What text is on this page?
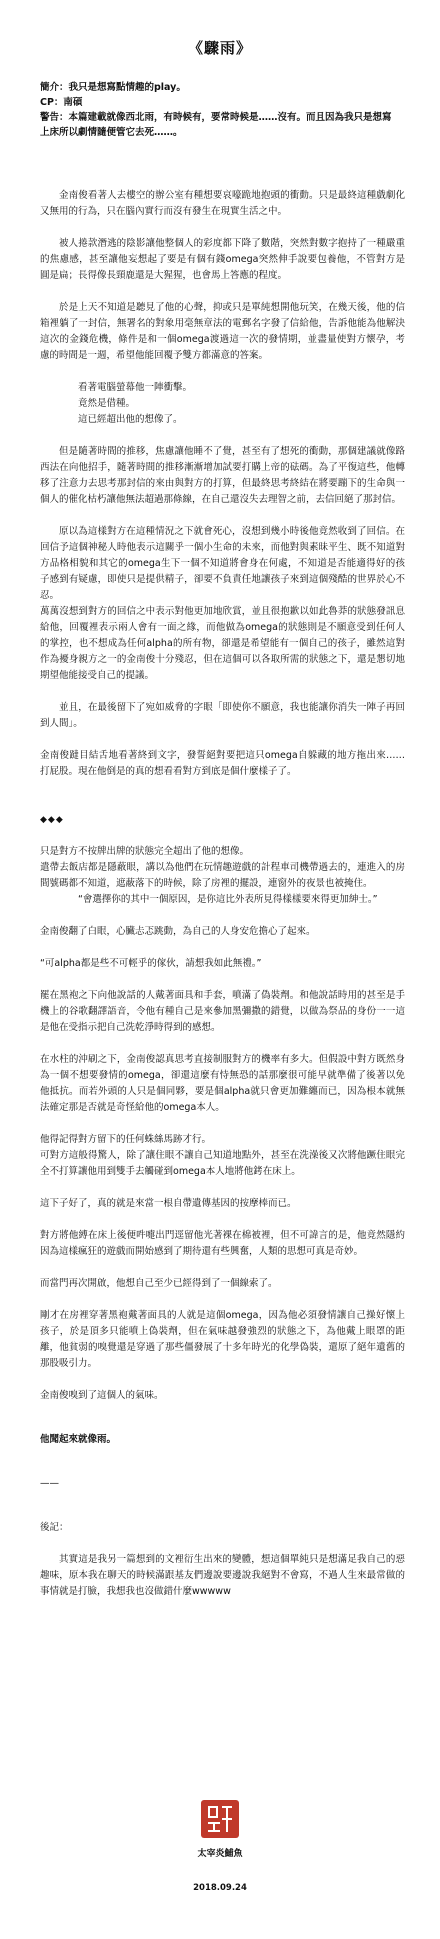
《驟雨》

簡介：我只是想寫點情趣的play。

CP：南碩

警告：本篇建載就像西北雨，有時候有，要常時候是……沒有。而且因為我只是想寫上床所以劇情隨便管它去死……。

金南俊看著人去樓空的辦公室有種想要哀嚎跪地抱頭的衝動。只是最終這種戲劇化又無用的行為，只在腦內實行而沒有發生在現實生活之中。

被人捲款潛逃的陰影讓他整個人的彩度都下降了數階，突然對數字抱持了一種嚴重的焦慮感，甚至讓他妄想起了要是有個有錢omega突然伸手說要包養他，不管對方是圓是扁；長得像長頸鹿還是大猩猩，也會馬上答應的程度。

於是上天不知道是聽見了他的心聲，抑或只是單純想開他玩笑，在幾天後，他的信箱裡躺了一封信，無署名的對象用毫無章法的電郵名字發了信給他，告訴他能為他解決這次的金錢危機，條件是和一個omega渡過這一次的發情期，並盡量使對方懷孕，考慮的時間是一週，希望他能回覆予雙方都滿意的答案。

看著電腦螢幕他一陣衝擊。

竟然是借種。

這已經超出他的想像了。

但是隨著時間的推移，焦慮讓他睡不了覺，甚至有了想死的衝動，那個建議就像路西法在向他招手，隨著時間的推移漸漸增加試要打購上帝的砝碼。為了平復這些，他轉移了注意力去思考那封信的來由與對方的打算，但最終思考終結在將要蹦下的生命與一個人的催化枯朽讓他無法超過那條線，在自己還沒失去理智之前，去信回絕了那封信。

原以為這樣對方在這種情況之下就會死心，沒想到幾小時後他竟然收到了回信。在回信予這個神秘人時他表示這關乎一個小生命的未來，而他對與素昧平生、既不知道對方品格相貌和其它的omega生下一個不知道將會身在何處，不知道是否能適得好的孩子感到有疑慮，即使只是提供精子，卻要不負責任地讓孩子來到這個殘酷的世界於心不忍。

萬萬沒想到對方的回信之中表示對他更加地欣賞，並且很抱歉以如此魯莽的狀態發訊息給他，回覆裡表示兩人會有一面之緣，而他做為omega的狀態則是不願意受到任何人的掌控，也不想成為任何alpha的所有物，卻還是希望能有一個自己的孩子，雖然這對作為擾身親方之一的金南俊十分殘忍，但在這個可以各取所需的狀態之下，還是懇切地期望他能接受自己的提議。

並且，在最後留下了宛如威脅的字眼「即使你不願意，我也能讓你消失一陣子再回到人間」。

金南俊躂目結舌地看著終到文字，發誓絕對要把這只omega自躲藏的地方拖出來……打屁股。現在他倒是的真的想看看對方到底是個什麼樣子了。

◆◆◆

只是對方不按牌出牌的狀態完全超出了他的想像。

遣帶去飯店都是隱蔽眼，講以為他們在玩情趣遊戲的計程車司機帶過去的，連進入的房間號碼都不知道，遮蔽落下的時候，除了房裡的擺設，連窗外的夜景也被掩住。

“會選擇你的其中一個原因，是你這比外表所見得樣樣要來得更加紳士。”

金南俊翻了白眼，心臟忐忑跳動，為自己的人身安危擔心了起來。

“可alpha都是些不可輕乎的傢伙，請想我如此無禮。”

罷在黑袍之下向他說話的人戴著面具和手套，噴滿了偽裝劑。和他說話時用的甚至是手機上的谷歌翻譯語音，令他有種自己是來參加黑彌撒的錯覺，以做為祭品的身份一一這是他在受指示把自己洗乾淨時得到的感想。

在水柱的沖刷之下，金南俊認真思考直接制服對方的機率有多大。但假設中對方既然身為一個不想要發情的omega，卻還這麼有恃無恐的話那麼很可能早就準備了後著以免他抵抗。而若外頭的人只是個同夥，要是個alpha就只會更加難纏而已，因為根本就無法確定那是否就是奇怪給他的omega本人。

他得記得對方留下的任何蛛絲馬跡才行。

可對方這般得驚人，除了讓住眼不讓自己知道地點外，甚至在洗澡後又次將他蹶住眼完全不打算讓他用到雙手去觸碰到omega本人地將他銬在床上。

這下子好了，真的就是來當一根自帶遺傳基因的按摩棒而已。

對方將他縛在床上後便吽嚏出門逕留他光著裸在棉被裡，但不可諱言的是，他竟然隱約因為這樣瘋狂的遊戲而開始感到了期待還有些興奮，人類的思想可真是奇妙。

而當門再次開啟，他想自己至少已經得到了一個線索了。

剛才在房裡穿著黑袍戴著面具的人就是這個omega，因為他必須發情讓自己操好懷上孩子，於是頂多只能噴上偽裝劑，但在氣味越發強烈的狀態之下，為他戴上眼罩的距離，他貧弱的嗅覺還是穿過了那些僵發展了十多年時光的化學偽裝，還原了絕年遺舊的那股吸引力。

金南俊嗅到了這個人的氣味。

他聞起來就像雨。

——

後記：

其實這是我另一篇想到的文裡衍生出來的變體，想這個單純只是想滿足我自己的惡趣味，原本我在聊天的時候滿跟基友們邊說要邊說我絕對不會寫，不過人生來最常做的事情就是打臉，我想我也沒做錯什麼wwwww

太宰炎鯆魚
2018.09.24
